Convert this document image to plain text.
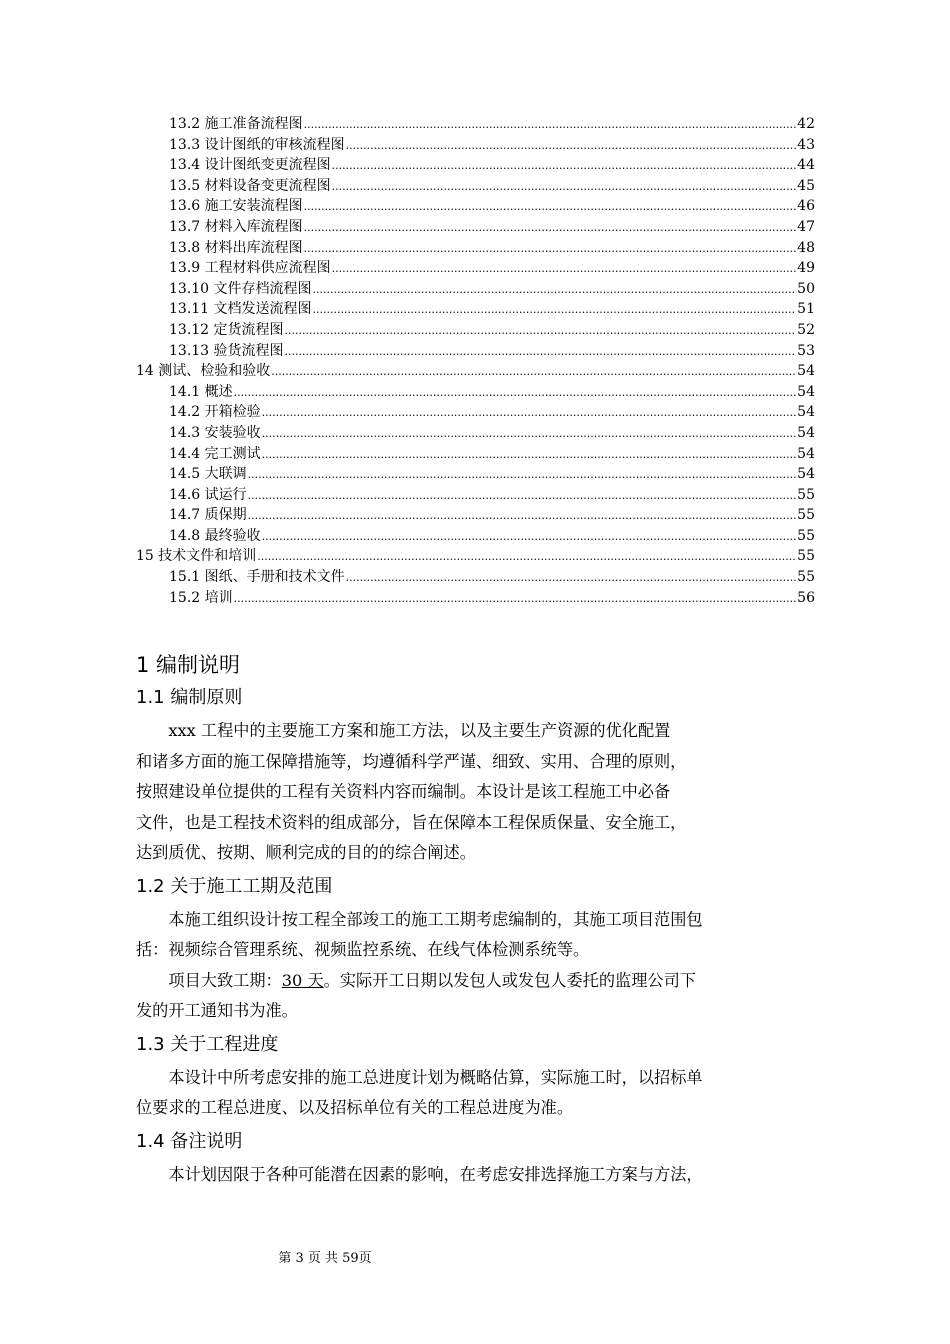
13.2 施工准备流程图 .....	42
13.3 设计图纸的审核流程图 .....	43
13.4 设计图纸变更流程图 .....	44
13.5 材料设备变更流程图 .....	45
13.6 施工安装流程图 .....	46
13.7 材料入库流程图 .....	47
13.8 材料出库流程图 .....	48
13.9 工程材料供应流程图 .....	49
13.10 文件存档流程图 .....	50
13.11 文档发送流程图 .....	51
13.12 定货流程图 .....	52
13.13 验货流程图 .....	53
14 测试、检验和验收 .....	54
14.1 概述 .....	54
14.2 开箱检验 .....	54
14.3 安装验收 .....	54
14.4 完工测试 .....	54
14.5 大联调 .....	54
14.6 试运行 .....	55
14.7 质保期 .....	55
14.8 最终验收 .....	55
15 技术文件和培训 .....	55
15.1 图纸、手册和技术文件 .....	55
15.2 培训 .....	56
1 编制说明
1.1 编制原则

xxx 工程中的主要施工方案和施工方法，以及主要生产资源的优化配置
和诸多方面的施工保障措施等，均遵循科学严谨、细致、实用、合理的原则，
按照建设单位提供的工程有关资料内容而编制。本设计是该工程施工中必备
文件，也是工程技术资料的组成部分，旨在保障本工程保质保量、安全施工，
达到质优、按期、顺利完成的目的的综合阐述。

1.2 关于施工工期及范围

本施工组织设计按工程全部竣工的施工工期考虑编制的，其施工项目范围包
括：视频综合管理系统、视频监控系统、在线气体检测系统等。

项目大致工期：30 天。实际开工日期以发包人或发包人委托的监理公司下
发的开工通知书为准。

1.3 关于工程进度

本设计中所考虑安排的施工总进度计划为概略估算，实际施工时，以招标单
位要求的工程总进度、以及招标单位有关的工程总进度为准。

1.4 备注说明

本计划因限于各种可能潜在因素的影响，在考虑安排选择施工方案与方法，

第 3 页 共 59页
